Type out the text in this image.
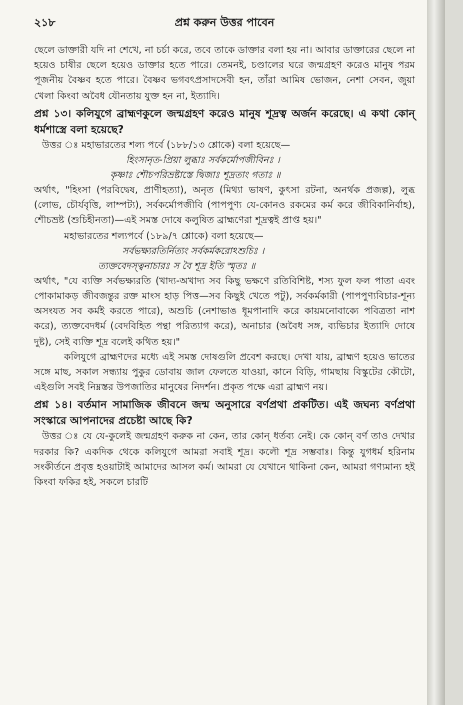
২১৮	প্রশ্ন করুন উত্তর পাবেন

ছেলে ডাক্তারী যদি না শেখে, না চর্চা করে, তবে তাকে ডাক্তার বলা হয় না। আবার ডাক্তারের ছেলে না হয়েও চাষীর ছেলে হয়েও ডাক্তার হতে পারে। তেমনই, চণ্ডালের ঘরে জন্মগ্রহণ করেও মানুষ পরম পূজনীয় বৈষ্ণব হতে পারে। বৈষ্ণব ভগবৎপ্রসাদসেবী হন, তাঁরা আমিষ ভোজন, নেশা সেবন, জুয়া খেলা কিংবা অবৈধ যৌনতায় যুক্ত হন না, ইত্যাদি।

প্রশ্ন ১৩। কলিযুগে ব্রাহ্মণকুলে জন্মগ্রহণ করেও মানুষ শূদ্রত্ব অর্জন করেছে। এ কথা কোন্ ধর্মশাস্ত্রে বলা হয়েছে?

উত্তর ঃ মহাভারতের শল্য পর্বে (১৮৮/১৩ শ্লোকে) বলা হয়েছে—

হিংসানৃত-প্রিয়া লুব্ধাঃ সর্বকর্মোপজীবিনঃ ।

কৃষ্ণাঃ শৌচপরিভ্রষ্টাস্তে দ্বিজাঃ শূদ্রতাং গতাঃ ॥

অর্থাৎ, "হিংসা (পরবিদ্বেষ, প্রাণীহত্যা), অনৃত (মিথ্যা ভাষণ, কুৎসা রটনা, অনর্থক প্রজল্প), লুব্ধ (লোভ, চৌর্যবৃত্তি, লাম্পট্য), সর্বকর্মোপজীবি (পাপপুণ্য যে-কোনও রকমের কর্ম করে জীবিকানির্বাহ), শৌচভ্রষ্ট (শুচিহীনতা)—এই সমস্ত দোষে কলুষিত ব্রাহ্মণেরা শূদ্রত্বই প্রাপ্ত হয়।"

মহাভারতের শল্যপর্বে (১৮৯/৭ শ্লোকে) বলা হয়েছে—

সর্বভক্ষ্যরতির্নিত্যং সর্বকর্মকরোঽশুচিঃ ।

ত্যক্তবেদস্ত্বনাচারঃ স বৈ শূদ্র ইতি স্মৃতঃ ॥

অর্থাৎ, "যে ব্যক্তি সর্বভক্ষ্যরতি (খাদ্য-অখাদ্য সব কিছু ভক্ষণে রতিবিশিষ্ট, শস্য ফুল ফল পাতা এবং পোকামাকড় জীবজন্তুর রক্ত মাংস হাড় পিত্ত—সব কিছুই খেতে পটু), সর্বকর্মকারী (পাপপুণ্যবিচার-শূন্য অসংযত সব কর্মই করতে পারে), অশুচি (নেশাভাঙ ধূমপানাদি করে কায়মনোবাক্যে পবিত্রতা নাশ করে), ত্যক্তবেদধর্ম (বেদবিহিত পন্থা পরিত্যাগ করে), অনাচার (অবৈধ সঙ্গ, ব্যভিচার ইত্যাদি দোষে দুষ্ট), সেই ব্যক্তি শূদ্র বলেই কথিত হয়।"

কলিযুগে ব্রাহ্মণদের মধ্যে এই সমস্ত দোষগুলি প্রবেশ করছে। দেখা যায়, ব্রাহ্মণ হয়েও ভাতের সঙ্গে মাছ, সকাল সন্ধ্যায় পুকুর ডোবায় জাল ফেলতে যাওয়া, কানে বিড়ি, গামছায় বিস্কুটের কৌটো, এইগুলি সবই নিম্নস্তর উপজাতির মানুষের নিদর্শন। প্রকৃত পক্ষে এরা ব্রাহ্মণ নয়।

প্রশ্ন ১৪। বর্তমান সামাজিক জীবনে জন্ম অনুসারে বর্ণপ্রথা প্রকটিত। এই জঘন্য বর্ণপ্রথা সংস্কারে আপনাদের প্রচেষ্টা আছে কি?

উত্তর ঃ যে যে-কুলেই জন্মগ্রহণ করুক না কেন, তার কোন্ ধর্তব্য নেই। কে কোন্ বর্ণ তাও দেখার দরকার কি? একদিক থেকে কলিযুগে আমরা সবাই শূদ্র। কলৌ শূদ্র সম্ভবাঃ। কিন্তু যুগধর্ম হরিনাম সংকীর্তনে প্রবৃত্ত হওয়াটাই আমাদের আসল কর্ম। আমরা যে যেখানে থাকিনা কেন, আমরা গণ্যমান্য হই কিংবা ফকির হই, সকলে চারটি
